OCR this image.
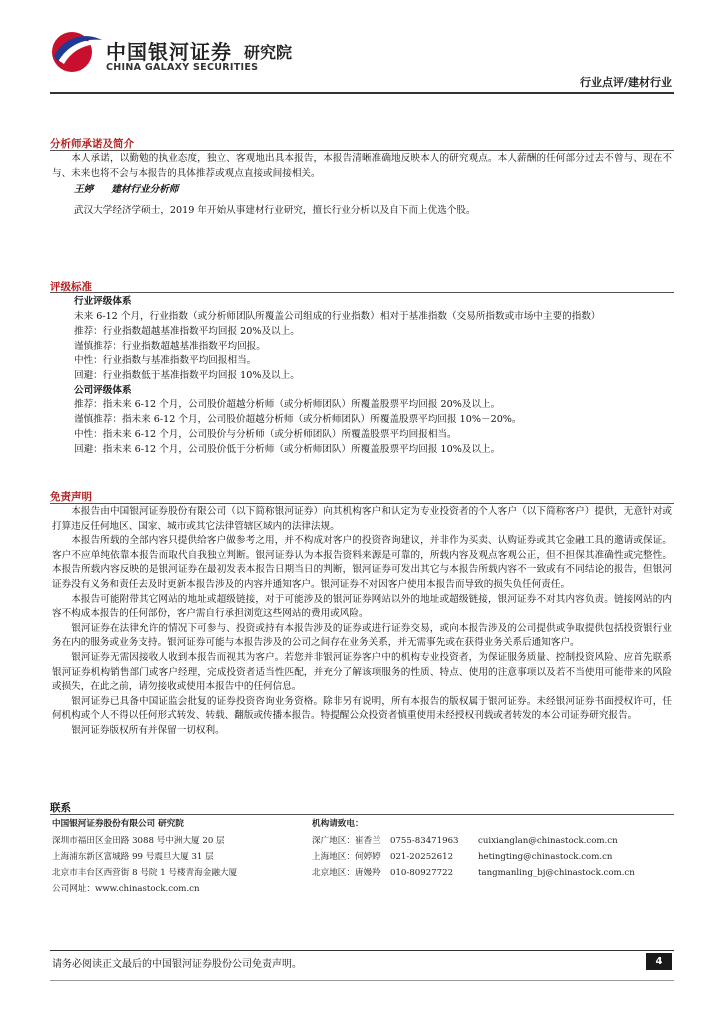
中国银河证券 研究院
CHINA GALAXY SECURITIES
行业点评/建材行业
分析师承诺及简介

本人承诺，以勤勉的执业态度，独立、客观地出具本报告，本报告清晰准确地反映本人的研究观点。本人薪酬的任何部分过去不曾与、现在不与、未来也将不会与本报告的具体推荐或观点直接或间接相关。

王婷 建材行业分析师
武汉大学经济学硕士，2019 年开始从事建材行业研究，擅长行业分析以及自下而上优选个股。
评级标准
行业评级体系
未来 6-12 个月，行业指数（或分析师团队所覆盖公司组成的行业指数）相对于基准指数（交易所指数或市场中主要的指数）
推荐：行业指数超越基准指数平均回报 20%及以上。
谨慎推荐：行业指数超越基准指数平均回报。
中性：行业指数与基准指数平均回报相当。
回避：行业指数低于基准指数平均回报 10%及以上。
公司评级体系
推荐：指未来 6-12 个月，公司股价超越分析师（或分析师团队）所覆盖股票平均回报 20%及以上。
谨慎推荐：指未来 6-12 个月，公司股价超越分析师（或分析师团队）所覆盖股票平均回报 10%－20%。
中性：指未来 6-12 个月，公司股价与分析师（或分析师团队）所覆盖股票平均回报相当。
回避：指未来 6-12 个月，公司股价低于分析师（或分析师团队）所覆盖股票平均回报 10%及以上。
免责声明

本报告由中国银河证券股份有限公司（以下简称银河证券）向其机构客户和认定为专业投资者的个人客户（以下简称客户）提供，无意针对或打算违反任何地区、国家、城市或其它法律管辖区域内的法律法规。

本报告所载的全部内容只提供给客户做参考之用，并不构成对客户的投资咨询建议，并非作为买卖、认购证券或其它金融工具的邀请或保证。客户不应单纯依靠本报告而取代自我独立判断。银河证券认为本报告资料来源是可靠的，所载内容及观点客观公正，但不担保其准确性或完整性。本报告所载内容反映的是银河证券在最初发表本报告日期当日的判断，银河证券可发出其它与本报告所载内容不一致或有不同结论的报告，但银河证券没有义务和责任去及时更新本报告涉及的内容并通知客户。银河证券不对因客户使用本报告而导致的损失负任何责任。

本报告可能附带其它网站的地址或超级链接，对于可能涉及的银河证券网站以外的地址或超级链接，银河证券不对其内容负责。链接网站的内容不构成本报告的任何部份，客户需自行承担浏览这些网站的费用或风险。

银河证券在法律允许的情况下可参与、投资或持有本报告涉及的证券或进行证券交易，或向本报告涉及的公司提供或争取提供包括投资银行业务在内的服务或业务支持。银河证券可能与本报告涉及的公司之间存在业务关系，并无需事先或在获得业务关系后通知客户。

银河证券无需因接收人收到本报告而视其为客户。若您并非银河证券客户中的机构专业投资者，为保证服务质量、控制投资风险、应首先联系银河证券机构销售部门或客户经理，完成投资者适当性匹配，并充分了解该项服务的性质、特点、使用的注意事项以及若不当使用可能带来的风险或损失，在此之前，请勿接收或使用本报告中的任何信息。

银河证券已具备中国证监会批复的证券投资咨询业务资格。除非另有说明，所有本报告的版权属于银河证券。未经银河证券书面授权许可，任何机构或个人不得以任何形式转发、转载、翻版或传播本报告。特提醒公众投资者慎重使用未经授权刊载或者转发的本公司证券研究报告。

银河证券版权所有并保留一切权利。

联系
中国银河证券股份有限公司 研究院
深圳市福田区金田路 3088 号中洲大厦 20 层
上海浦东新区富城路 99 号震旦大厦 31 层
北京市丰台区西营街 8 号院 1 号楼青海金融大厦
公司网址：www.chinastock.com.cn
机构请致电：
深广地区：崔香兰 0755-83471963 cuixianglan@chinastock.com.cn
上海地区：何婷婷 021-20252612	hetingting@chinastock.com.cn
北京地区：唐嫚羚 010-80927722	tangmanling_bj@chinastock.com.cn
请务必阅读正文最后的中国银河证券股份公司免责声明。	4
